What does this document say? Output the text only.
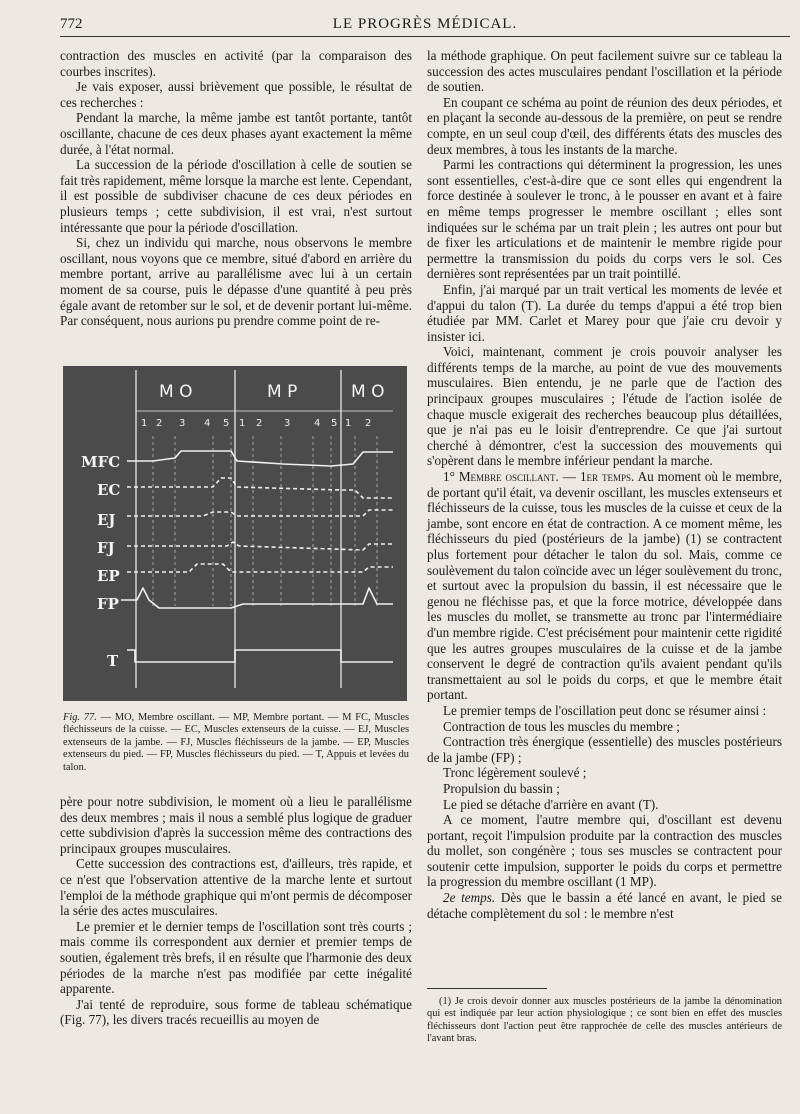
772	LE PROGRÈS MÉDICAL.

contraction des muscles en activité (par la comparaison des courbes inscrites).

Je vais exposer, aussi brièvement que possible, le résultat de ces recherches :

Pendant la marche, la même jambe est tantôt portante, tantôt oscillante, chacune de ces deux phases ayant exactement la même durée, à l'état normal.

La succession de la période d'oscillation à celle de soutien se fait très rapidement, même lorsque la marche est lente. Cependant, il est possible de subdiviser chacune de ces deux périodes en plusieurs temps ; cette subdivision, il est vrai, n'est surtout intéressante que pour la période d'oscillation.

Si, chez un individu qui marche, nous observons le membre oscillant, nous voyons que ce membre, situé d'abord en arrière du membre portant, arrive au parallélisme avec lui à un certain moment de sa course, puis le dépasse d'une quantité à peu près égale avant de retomber sur le sol, et de devenir portant lui-même. Par conséquent, nous aurions pu prendre comme point de re-

M O	M P	M O
1 2 3 4 5 1 2 3 4 5 1 2
MFC
EC
EJ
FJ
EP
FP
T
Fig. 77. — MO, Membre oscillant. — MP, Membre portant. — M FC, Muscles fléchisseurs de la cuisse. — EC, Muscles extenseurs de la cuisse. — EJ, Muscles extenseurs de la jambe. — FJ, Muscles fléchisseurs de la jambe. — EP, Muscles extenseurs du pied. — FP, Muscles fléchisseurs du pied. — T, Appuis et levées du talon.

père pour notre subdivision, le moment où a lieu le parallélisme des deux membres ; mais il nous a semblé plus logique de graduer cette subdivision d'après la succession même des contractions des principaux groupes musculaires.

Cette succession des contractions est, d'ailleurs, très rapide, et ce n'est que l'observation attentive de la marche lente et surtout l'emploi de la méthode graphique qui m'ont permis de décomposer la série des actes musculaires.

Le premier et le dernier temps de l'oscillation sont très courts ; mais comme ils correspondent aux dernier et premier temps de soutien, également très brefs, il en résulte que l'harmonie des deux périodes de la marche n'est pas modifiée par cette inégalité apparente.

J'ai tenté de reproduire, sous forme de tableau schématique (Fig. 77), les divers tracés recueillis au moyen de

la méthode graphique. On peut facilement suivre sur ce tableau la succession des actes musculaires pendant l'oscillation et la période de soutien.

En coupant ce schéma au point de réunion des deux périodes, et en plaçant la seconde au-dessous de la première, on peut se rendre compte, en un seul coup d'œil, des différents états des muscles des deux membres, à tous les instants de la marche.

Parmi les contractions qui déterminent la progression, les unes sont essentielles, c'est-à-dire que ce sont elles qui engendrent la force destinée à soulever le tronc, à le pousser en avant et à faire en même temps progresser le membre oscillant ; elles sont indiquées sur le schéma par un trait plein ; les autres ont pour but de fixer les articulations et de maintenir le membre rigide pour permettre la transmission du poids du corps vers le sol. Ces dernières sont représentées par un trait pointillé.

Enfin, j'ai marqué par un trait vertical les moments de levée et d'appui du talon (T). La durée du temps d'appui a été trop bien étudiée par MM. Carlet et Marey pour que j'aie cru devoir y insister ici.

Voici, maintenant, comment je crois pouvoir analyser les différents temps de la marche, au point de vue des mouvements musculaires. Bien entendu, je ne parle que de l'action des principaux groupes musculaires ; l'étude de l'action isolée de chaque muscle exigerait des recherches beaucoup plus détaillées, que je n'ai pas eu le loisir d'entreprendre. Ce que j'ai surtout cherché à démontrer, c'est la succession des mouvements qui s'opèrent dans le membre inférieur pendant la marche.

1° Membre oscillant. — 1er temps. Au moment où le membre, de portant qu'il était, va devenir oscillant, les muscles extenseurs et fléchisseurs de la cuisse, tous les muscles de la cuisse et ceux de la jambe, sont encore en état de contraction. A ce moment même, les fléchisseurs du pied (postérieurs de la jambe) (1) se contractent plus fortement pour détacher le talon du sol. Mais, comme ce soulèvement du talon coïncide avec un léger soulèvement du tronc, et surtout avec la propulsion du bassin, il est nécessaire que le genou ne fléchisse pas, et que la force motrice, développée dans les muscles du mollet, se transmette au tronc par l'intermédiaire d'un membre rigide. C'est précisément pour maintenir cette rigidité que les autres groupes musculaires de la cuisse et de la jambe conservent le degré de contraction qu'ils avaient pendant qu'ils transmettaient au sol le poids du corps, et que le membre était portant.

Le premier temps de l'oscillation peut donc se résumer ainsi :

Contraction de tous les muscles du membre ;

Contraction très énergique (essentielle) des muscles postérieurs de la jambe (FP) ;

Tronc légèrement soulevé ;

Propulsion du bassin ;

Le pied se détache d'arrière en avant (T).

A ce moment, l'autre membre qui, d'oscillant est devenu portant, reçoit l'impulsion produite par la contraction des muscles du mollet, son congénère ; tous ses muscles se contractent pour soutenir cette impulsion, supporter le poids du corps et permettre la progression du membre oscillant (1 MP).

2e temps. Dès que le bassin a été lancé en avant, le pied se détache complètement du sol : le membre n'est

(1) Je crois devoir donner aux muscles postérieurs de la jambe la dénomination qui est indiquée par leur action physiologique ; ce sont bien en effet des muscles fléchisseurs dont l'action peut être rapprochée de celle des muscles antérieurs de l'avant bras.
